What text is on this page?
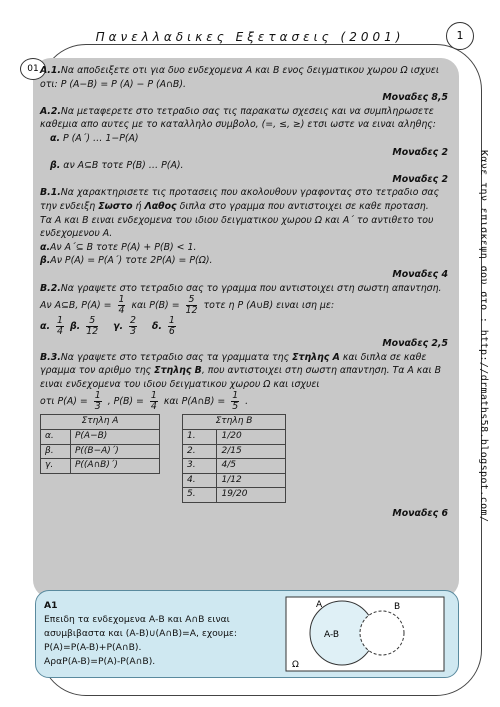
1
Πανελλαδικες Εξετασεις (2001)
01 Α.1.Να αποδειξετε οτι για δυο ενδεχομενα Α και Β ενος δειγματικου χωρου Ω ισχυει οτι: P (A−B) = P (A) − P (A∩B).

Μοναδες 8,5

Α.2.Να μεταφερετε στο τετραδιο σας τις παρακατω σχεσεις και να συμπληρωσετε καθεμια απο αυτες με το καταλληλο συμβολο, (=, ≤, ≥) ετσι ωστε να ειναι αληθης:

α. P (A΄) … 1−P(A)

Μοναδες 2

β. αν A⊆B τοτε P(B) … P(A).

Μοναδες 2

Β.1.Να χαρακτηρισετε τις προτασεις που ακολουθουν γραφοντας στο τετραδιο σας την ενδειξη Σωστο ή Λαθος διπλα στο γραμμα που αντιστοιχει σε καθε προταση.

Τα Α και Β ειναι ενδεχομενα του ιδιου δειγματικου χωρου Ω και Α΄ το αντιθετο του ενδεχομενου Α.

α.Αν Α΄⊆ Β τοτε P(A) + P(B) < 1.

β.Αν P(A) = P(A΄) τοτε 2P(A) = P(Ω).

Μοναδες 4

Β.2.Να γραψετε στο τετραδιο σας το γραμμα που αντιστοιχει στη σωστη απαντηση.

Αν A⊆B, $P(A) = \frac{1}{4}$ και $P(B) = \frac{5}{12}$ τοτε η P (A∪B) ειναι ιση με:

α. $\frac{1}{4} \beta$. $\frac{5}{12} \gamma$. $\frac{2}{3} \delta$. $\frac{1}{6}$

Μοναδες 2,5

Β.3.Να γραψετε στο τετραδιο σας τα γραμματα της Στηλης Α και διπλα σε καθε γραμμα τον αριθμο της Στηλης Β, που αντιστοιχει στη σωστη απαντηση. Τα Α και Β ειναι ενδεχομενα του ιδιου δειγματικου χωρου Ω και ισχυει

οτι $P(A) = \frac{1}{3}$ , $P(B) = \frac{1}{4}$ και P(A∩B) = $\frac{1}{5}$ .

Στηλη Α			Στηλη Β	
α.	P(A−B)		1.	1/20
β.	P((B−A)΄)		2.	2/15
γ.	P((A∩B)΄)		3.	4/5
			4.	1/12
			5.	19/20

Μοναδες 6	Κανε την επισκεψη σου στο : http://drmaths58.blogspot.com/
Α1
Επειδη τα ενδεχομενα Α-Β και Α∩Β ειναι
ασυμβιβαστα και (Α-Β)∪(Α∩Β)=Α, εχουμε:
P(A)=P(A-B)+P(A∩B).
ΑραP(A-B)=P(A)-P(A∩B).
A	B
A-B
Ω
